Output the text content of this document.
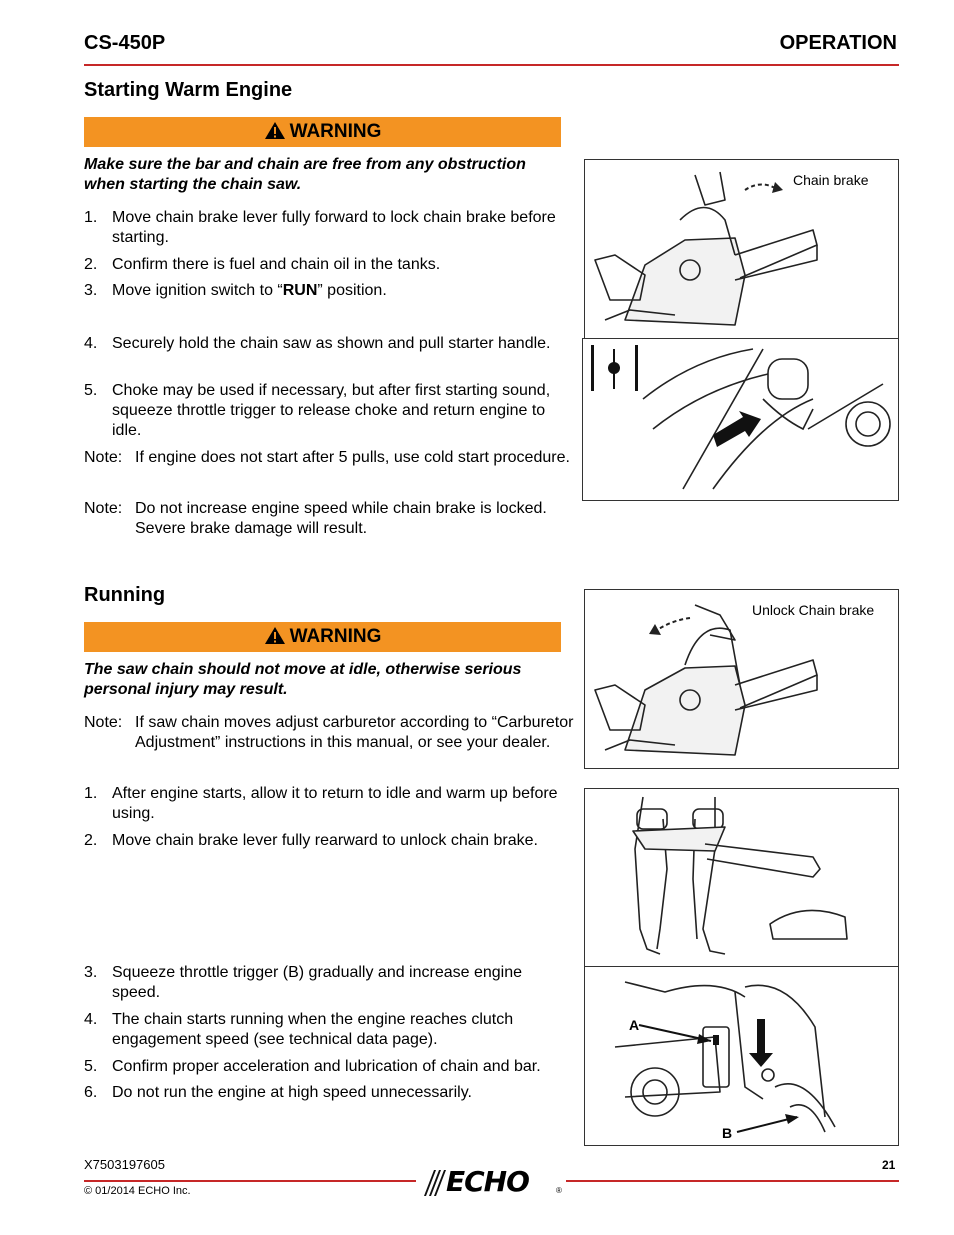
CS-450P	OPERATION
Starting Warm Engine
WARNING
Make sure the bar and chain are free from any obstruction when starting the chain saw.
1. Move chain brake lever fully forward to lock chain brake before starting.
2. Confirm there is fuel and chain oil in the tanks.
3. Move ignition switch to “RUN” position.
4. Securely hold the chain saw as shown and pull starter handle.
5. Choke may be used if necessary, but after first starting sound, squeeze throttle trigger to release choke and return engine to idle.
Note: If engine does not start after 5 pulls, use cold start procedure.
Note: Do not increase engine speed while chain brake is locked. Severe brake damage will result.
Chain brake
Running
WARNING
The saw chain should not move at idle, otherwise serious personal injury may result.
Note: If saw chain moves adjust carburetor according to “Carburetor Adjustment” instructions in this manual, or see your dealer.
1. After engine starts, allow it to return to idle and warm up before using.
2. Move chain brake lever fully rearward to unlock chain brake.
3. Squeeze throttle trigger (B) gradually and increase engine speed.
4. The chain starts running when the engine reaches clutch engagement speed (see technical data page).
5. Confirm proper acceleration and lubrication of chain and bar.
6. Do not run the engine at high speed unnecessarily.
Unlock Chain brake
A
B
X7503197605	21
© 01/2014 ECHO Inc.	ECHO	®
